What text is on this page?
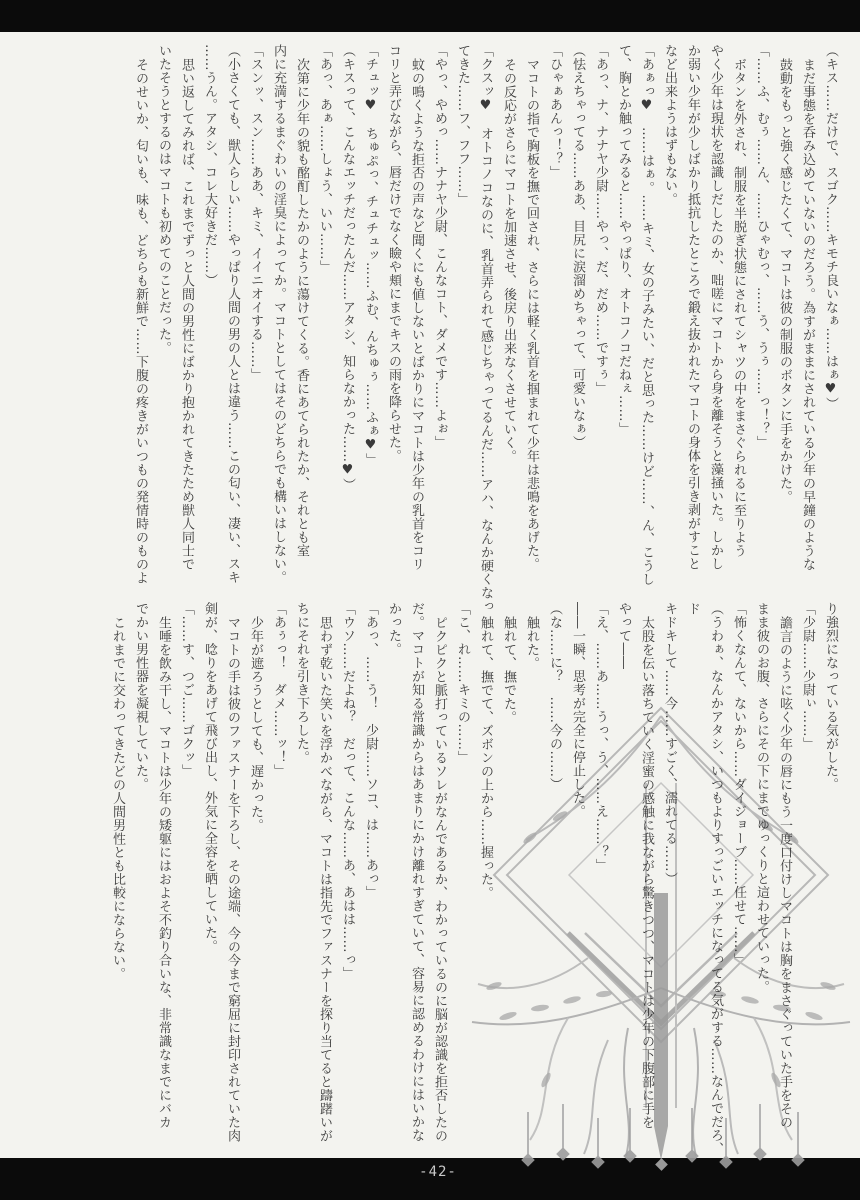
（キス……だけで、スゴク……キモチ良いなぁ……はぁ♥）
まだ事態を呑み込めていないのだろう。為すがままにされている少年の早鐘のような
鼓動をもっと強く感じたくて、マコトは彼の制服のボタンに手をかけた。
「……ふ、むぅ……ん、……ひゃむっ、……う、うぅ……っ！？」
ボタンを外され、制服を半脱ぎ状態にされてシャツの中をまさぐられるに至りよう
やく少年は現状を認識しだしたのか、咄嗟にマコトから身を離そうと藻掻いた。しかし
か弱い少年が少しばかり抵抗したところで鍛え抜かれたマコトの身体を引き剥がすこと
など出来ようはずもない。
「あぁっ♥　……はぁ。……キミ、女の子みたい、だと思った……けど……、ん、こうし
て、胸とか触ってみると……やっぱり、オトコノコだねぇ……」
「あっ、ナ、ナナヤ少尉……やっ、だ、だめ……ですぅ」
（怯えちゃってる……ああ、目尻に涙溜めちゃって、可愛いなぁ）
「ひゃぁあんっ！？」
マコトの指で胸板を撫で回され、さらには軽く乳首を掴まれて少年は悲鳴をあげた。
その反応がさらにマコトを加速させ、後戻り出来なくさせていく。
「クスッ♥　オトコノコなのに、乳首弄られて感じちゃってるんだ……アハ、なんか硬くなっ
てきた……フ、フフ……」
「やっ、やめっ……ナナヤ少尉、こんなコト、ダメです……よぉ」
蚊の鳴くような拒否の声など聞くにも値しないとばかりにマコトは少年の乳首をコリ
コリと弄びながら、唇だけでなく瞼や頬にまでキスの雨を降らせた。
「チュッ♥　ちゅぷっ、チュチュッ……ふむ、んちゅぅ……ふぁ♥」
（キスって、こんなエッチだったんだ……アタシ、知らなかった……♥）
「あっ、あぁ……しょう、いい……」
次第に少年の貌も酩酊したかのように蕩けてくる。香にあてられたか、それとも室
内に充満するまぐわいの淫臭によってか。マコトとしてはそのどちらでも構いはしない。
「スンッ、スン……ああ、キミ、イイニオイする……」
（小さくても、獣人らしい……やっぱり人間の男の人とは違う……この匂い、凄い、スキ
……うん。アタシ、コレ大好きだ……）
思い返してみれば、これまでずっと人間の男性にばかり抱かれてきたため獣人同士で
いたそうとするのはマコトも初めてのことだった。
そのせいか、匂いも、味も、どちらも新鮮で……下腹の疼きがいつもの発情時のものよ
り強烈になっている気がした。
「少尉……少尉ぃ……」
譫言のように呟く少年の唇にもう一度口付けしマコトは胸をまさぐっていた手をその
まま彼のお腹、さらにその下にまでゆっくりと這わせていった。
「怖くなんて、ないから……ダイジョーブ……任せて……」
（うわぁ、なんかアタシ、いつもよりすっごいエッチになってる気がする……なんでだろ、ド
キドキして……今……すごく、濡れてる……）
太股を伝い落ちていく淫蜜の感触に我ながら驚きつつ、マコトは少年の下腹部に手を
やって――
「え、……あ……うっ、う、……え……？」
――一瞬、思考が完全に停止した。
（な……に？　……今の……）
触れた。
触れて、撫でた。
触れて、撫でて、ズボンの上から……握った。
「こ、れ……キミの……」
ピクピクと脈打っているソレがなんであるか、わかっているのに脳が認識を拒否したの
だ。マコトが知る常識からはあまりにかけ離れすぎていて、容易に認めるわけにはいかな
かった。
「あっ、……う！　少尉……ソコ、は……あっ」
「ウソ……だよね？　だって、こんな……あ、あはは……っ」
思わず乾いた笑いを浮かべながら、マコトは指先でファスナーを探り当てると躊躇いが
ちにそれを引き下ろした。
「あぅっ！　ダメ……ッ！」
少年が遮ろうとしても、遅かった。
マコトの手は彼のファスナーを下ろし、その途端、今の今まで窮屈に封印されていた肉
剣が、唸りをあげて飛び出し、外気に全容を晒していた。
「……す、つご……ゴクッ」
生唾を飲み干し、マコトは少年の矮躯にはおよそ不釣り合いな、非常識なまでにバカ
でかい男性器を凝視していた。
これまでに交わってきたどの人間男性とも比較にならない。
-42-
